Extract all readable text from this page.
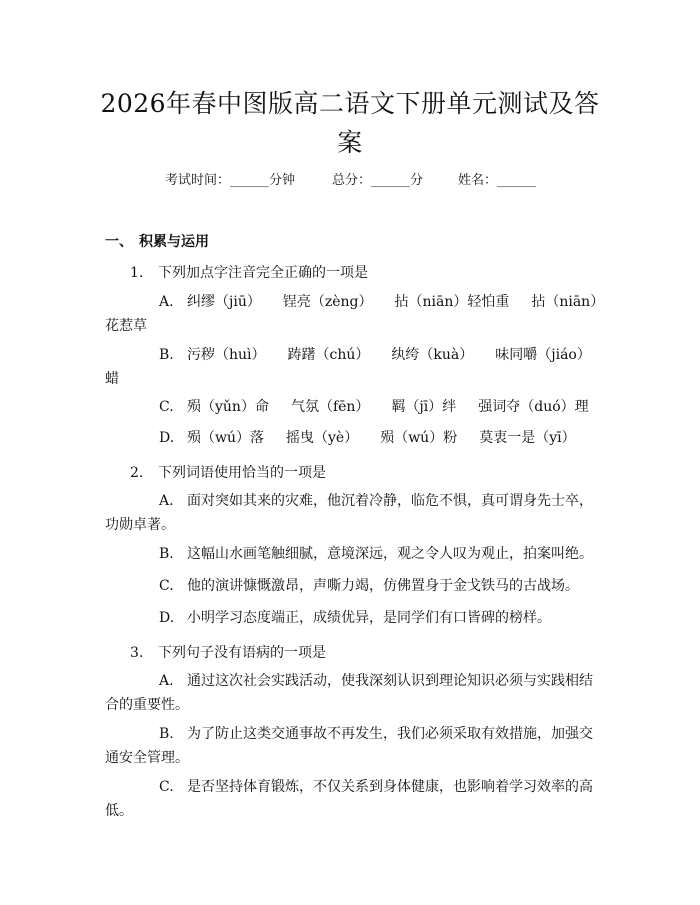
2026年春中图版高二语文下册单元测试及答案
考试时间：______分钟	总分：______分	姓名：______
一、 积累与运用
1. 下列加点字注音完全正确的一项是
A. 纠缪（jiū） 锃亮（zèng） 拈（niān）轻怕重 拈（niān）花惹草
B. 污秽（huì） 踌躇（chú） 纨绔（kuà） 味同嚼（jiáo）蜡
C. 殒（yǔn）命 气氛（fēn） 羁（jī）绊 强词夺（duó）理
D. 殒（wú）落 摇曳（yè） 殒（wú）粉 莫衷一是（yī）
2. 下列词语使用恰当的一项是
A. 面对突如其来的灾难，他沉着冷静，临危不惧，真可谓身先士卒，功勋卓著。
B. 这幅山水画笔触细腻，意境深远，观之令人叹为观止，拍案叫绝。
C. 他的演讲慷慨激昂，声嘶力竭，仿佛置身于金戈铁马的古战场。
D. 小明学习态度端正，成绩优异，是同学们有口皆碑的榜样。
3. 下列句子没有语病的一项是
A. 通过这次社会实践活动，使我深刻认识到理论知识必须与实践相结合的重要性。
B. 为了防止这类交通事故不再发生，我们必须采取有效措施，加强交通安全管理。
C. 是否坚持体育锻炼，不仅关系到身体健康，也影响着学习效率的高低。
